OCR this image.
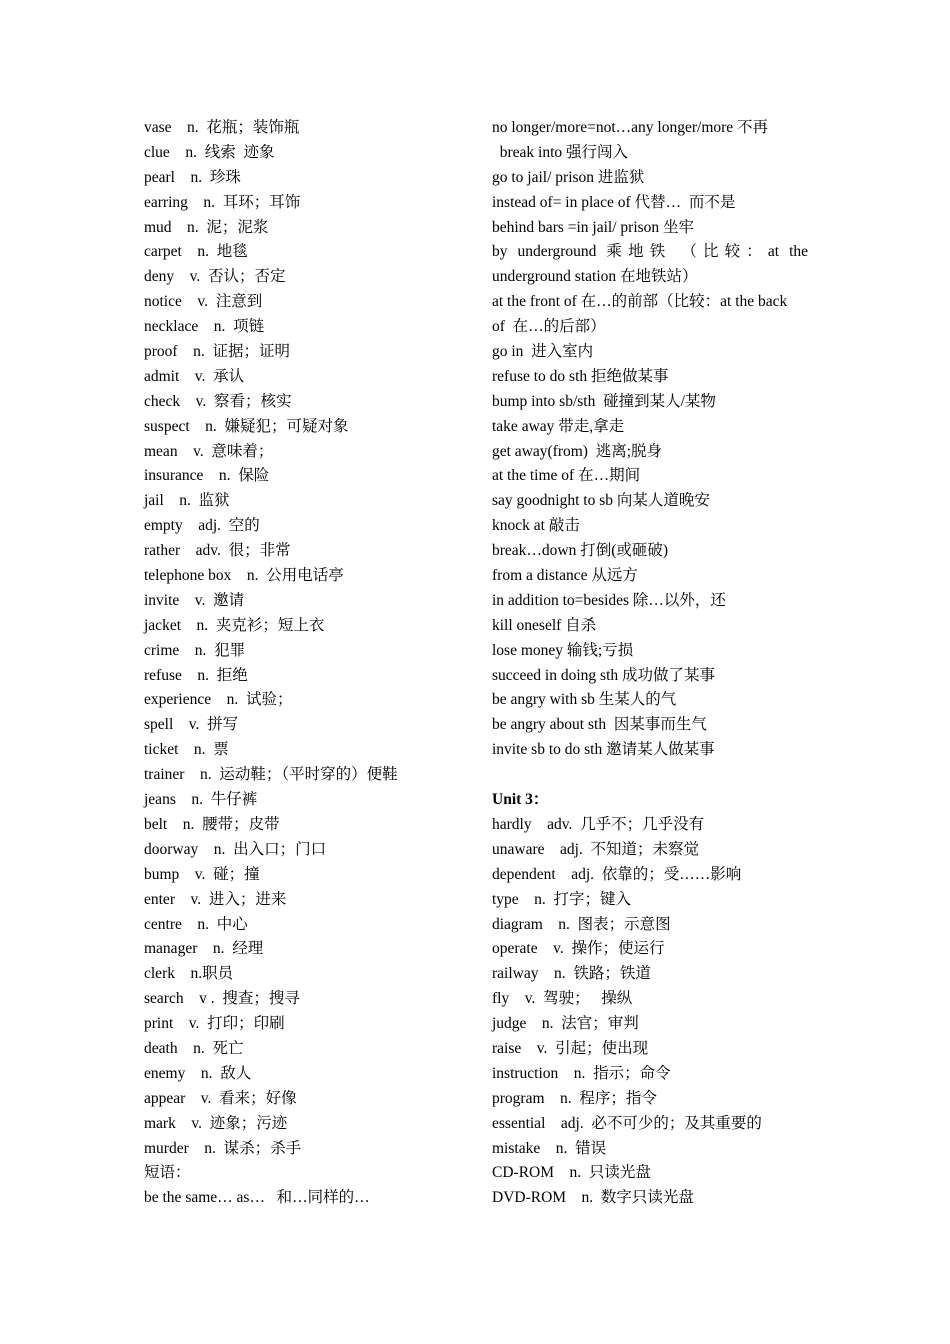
vase    n.  花瓶；装饰瓶
clue    n.  线索  迹象
pearl    n.  珍珠
earring    n.  耳环；耳饰
mud    n.  泥；泥浆
carpet    n.  地毯
deny    v.  否认；否定
notice    v.  注意到
necklace    n.  项链
proof    n.  证据；证明
admit    v.  承认
check    v.  察看；核实
suspect    n.  嫌疑犯；可疑对象
mean    v.  意味着；
insurance    n.  保险
jail    n.  监狱
empty    adj.  空的
rather    adv.  很；非常
telephone box    n.  公用电话亭
invite    v.  邀请
jacket    n.  夹克衫；短上衣
crime    n.  犯罪
refuse    n.  拒绝
experience    n.  试验；
spell    v.  拼写
ticket    n.  票
trainer    n.  运动鞋；（平时穿的）便鞋
jeans    n.  牛仔裤
belt    n.  腰带；皮带
doorway    n.  出入口；门口
bump    v.  碰；撞
enter    v.  进入；进来
centre    n.  中心
manager    n.  经理
clerk    n.职员
search    v .  搜查；搜寻
print    v.  打印；印刷
death    n.  死亡
enemy    n.  敌人
appear    v.  看来；好像
mark    v.  迹象；污迹
murder    n.  谋杀；杀手
短语：
be the same… as…   和…同样的…
no longer/more=not…any longer/more 不再
break into 强行闯入
go to jail/ prison 进监狱
instead of= in place of 代替…  而不是
behind bars =in jail/ prison 坐牢
by underground 乘地铁 （比较：at the
underground station 在地铁站）
at the front of 在…的前部（比较：at the back
of  在…的后部）
go in  进入室内
refuse to do sth 拒绝做某事
bump into sb/sth  碰撞到某人/某物
take away 带走,拿走
get away(from)  逃离;脱身
at the time of 在…期间
say goodnight to sb 向某人道晚安
knock at 敲击
break…down 打倒(或砸破)
from a distance 从远方
in addition to=besides 除…以外，还
kill oneself 自杀
lose money 输钱;亏损
succeed in doing sth 成功做了某事
be angry with sb 生某人的气
be angry about sth  因某事而生气
invite sb to do sth 邀请某人做某事
Unit 3：
hardly    adv.  几乎不；几乎没有
unaware    adj.  不知道；未察觉
dependent    adj.  依靠的；受……影响
type    n.  打字；键入
diagram    n.  图表；示意图
operate    v.  操作；使运行
railway    n.  铁路；铁道
fly    v.  驾驶；   操纵
judge    n.  法官；审判
raise    v.  引起；使出现
instruction    n.  指示；命令
program    n.  程序；指令
essential    adj.  必不可少的；及其重要的
mistake    n.  错误
CD-ROM    n.  只读光盘
DVD-ROM    n.  数字只读光盘
